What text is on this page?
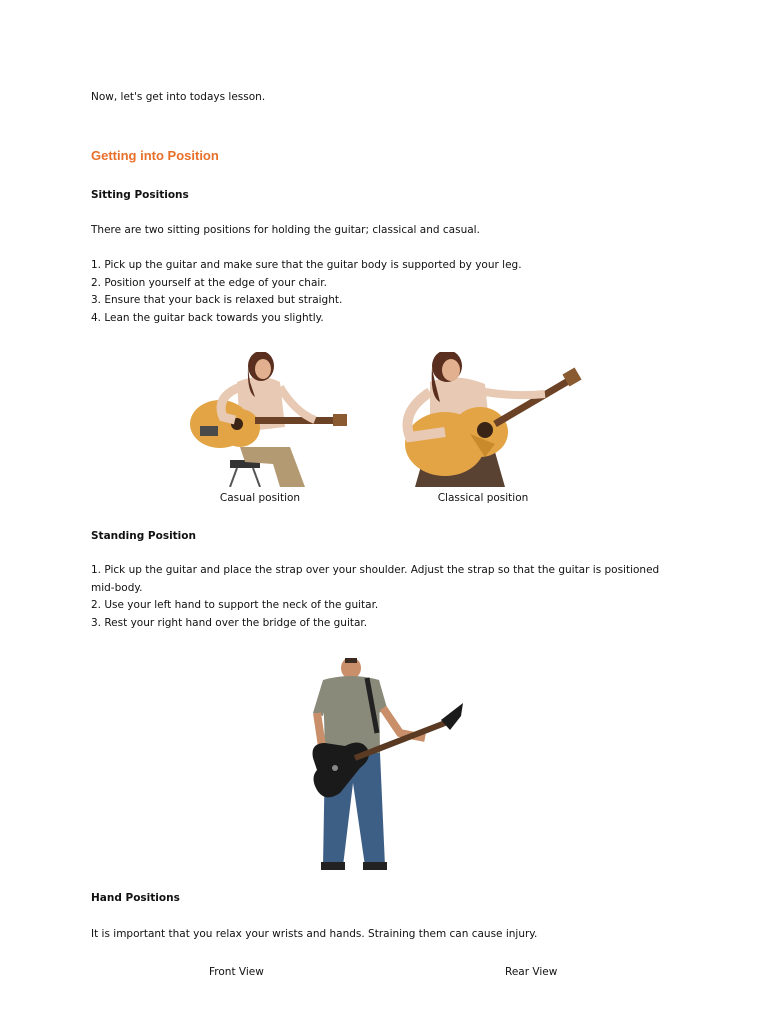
Now, let's get into todays lesson.
Getting into Position
Sitting Positions
There are two sitting positions for holding the guitar; classical and casual.
1. Pick up the guitar and make sure that the guitar body is supported by your leg.
2. Position yourself at the edge of your chair.
3. Ensure that your back is relaxed but straight.
4. Lean the guitar back towards you slightly.
Casual position	Classical position
Standing Position
1. Pick up the guitar and place the strap over your shoulder. Adjust the strap so that the guitar is positioned
mid-body.
2. Use your left hand to support the neck of the guitar.
3. Rest your right hand over the bridge of the guitar.
Hand Positions
It is important that you relax your wrists and hands. Straining them can cause injury.
Front View	Rear View
